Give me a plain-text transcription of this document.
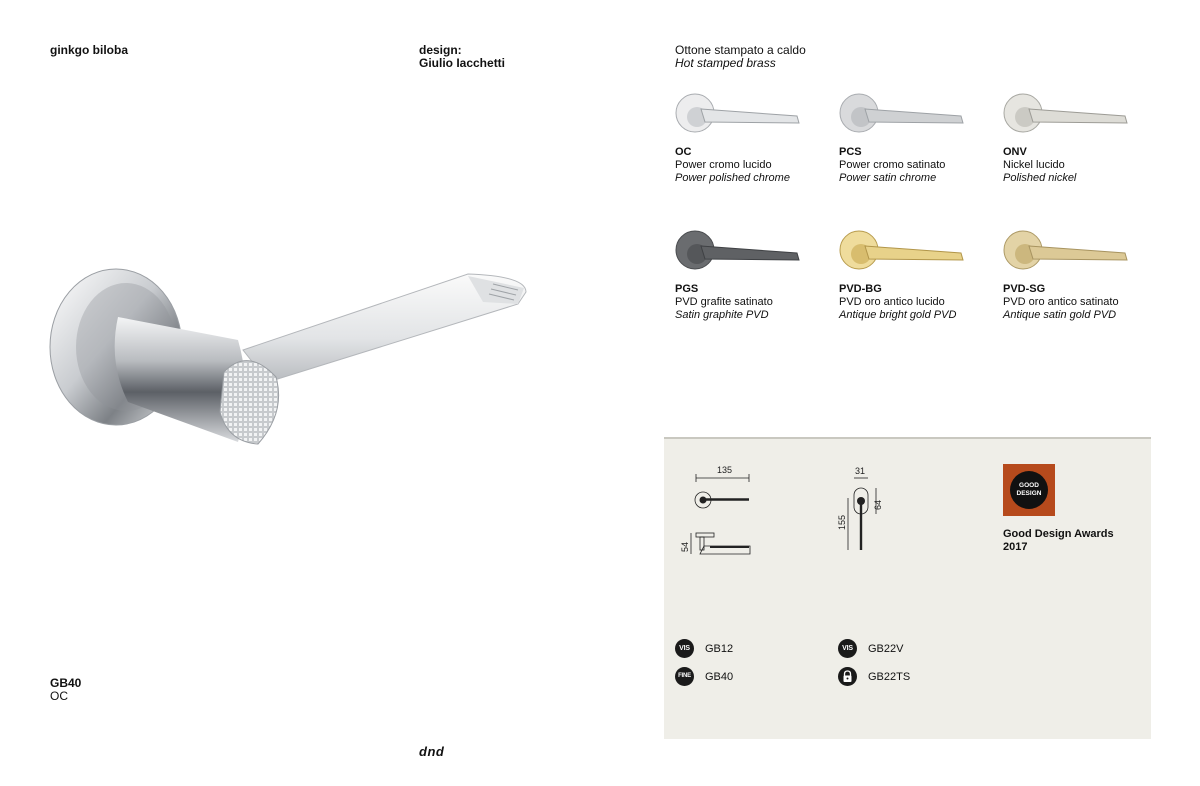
ginkgo biloba	design:
Giulio Iacchetti
Ottone stampato a caldo
Hot stamped brass
GB40
OC
dnd
OC
Power cromo lucido
Power polished chrome
PCS
Power cromo satinato
Power satin chrome
ONV
Nickel lucido
Polished nickel
PGS
PVD grafite satinato
Satin graphite PVD
PVD-BG
PVD oro antico lucido
Antique bright gold PVD
PVD-SG
PVD oro antico satinato
Antique satin gold PVD
135
54
31
64
155
GOOD
DESIGN
Good Design Awards
2017
VIS	GB12	VIS	GB22V
FINE GB40	GB22TS
